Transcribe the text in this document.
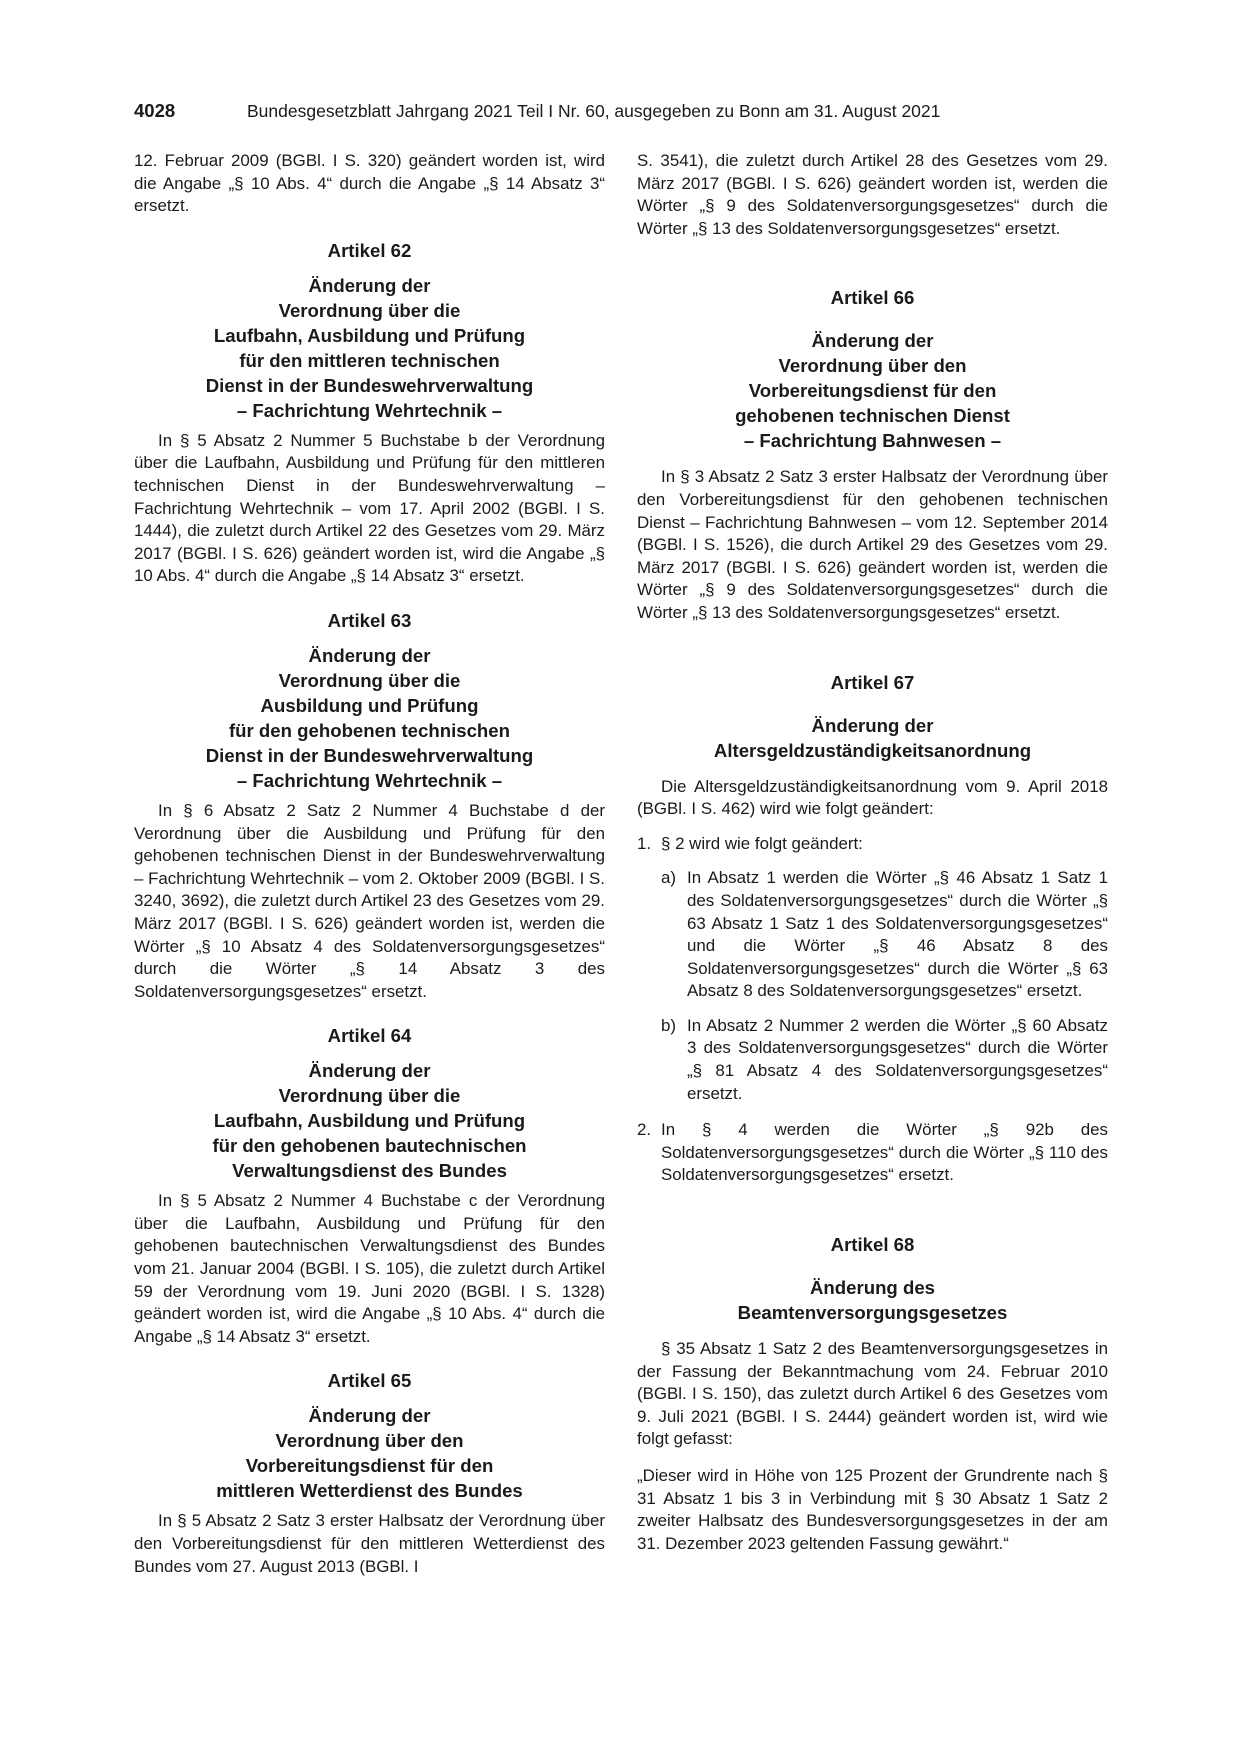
4028	Bundesgesetzblatt Jahrgang 2021 Teil I Nr. 60, ausgegeben zu Bonn am 31. August 2021

12. Februar 2009 (BGBl. I S. 320) geändert worden ist, wird die Angabe „§ 10 Abs. 4“ durch die Angabe „§ 14 Absatz 3“ ersetzt.

Artikel 62
Änderung der
Verordnung über die
Laufbahn, Ausbildung und Prüfung
für den mittleren technischen
Dienst in der Bundeswehrverwaltung
– Fachrichtung Wehrtechnik –

In § 5 Absatz 2 Nummer 5 Buchstabe b der Verordnung über die Laufbahn, Ausbildung und Prüfung für den mittleren technischen Dienst in der Bundeswehrverwaltung – Fachrichtung Wehrtechnik – vom 17. April 2002 (BGBl. I S. 1444), die zuletzt durch Artikel 22 des Gesetzes vom 29. März 2017 (BGBl. I S. 626) geändert worden ist, wird die Angabe „§ 10 Abs. 4“ durch die Angabe „§ 14 Absatz 3“ ersetzt.

Artikel 63
Änderung der
Verordnung über die
Ausbildung und Prüfung
für den gehobenen technischen
Dienst in der Bundeswehrverwaltung
– Fachrichtung Wehrtechnik –

In § 6 Absatz 2 Satz 2 Nummer 4 Buchstabe d der Verordnung über die Ausbildung und Prüfung für den gehobenen technischen Dienst in der Bundeswehrverwaltung – Fachrichtung Wehrtechnik – vom 2. Oktober 2009 (BGBl. I S. 3240, 3692), die zuletzt durch Artikel 23 des Gesetzes vom 29. März 2017 (BGBl. I S. 626) geändert worden ist, werden die Wörter „§ 10 Absatz 4 des Soldatenversorgungsgesetzes“ durch die Wörter „§ 14 Absatz 3 des Soldatenversorgungsgesetzes“ ersetzt.

Artikel 64
Änderung der
Verordnung über die
Laufbahn, Ausbildung und Prüfung
für den gehobenen bautechnischen
Verwaltungsdienst des Bundes

In § 5 Absatz 2 Nummer 4 Buchstabe c der Verordnung über die Laufbahn, Ausbildung und Prüfung für den gehobenen bautechnischen Verwaltungsdienst des Bundes vom 21. Januar 2004 (BGBl. I S. 105), die zuletzt durch Artikel 59 der Verordnung vom 19. Juni 2020 (BGBl. I S. 1328) geändert worden ist, wird die Angabe „§ 10 Abs. 4“ durch die Angabe „§ 14 Absatz 3“ ersetzt.

Artikel 65
Änderung der
Verordnung über den
Vorbereitungsdienst für den
mittleren Wetterdienst des Bundes

In § 5 Absatz 2 Satz 3 erster Halbsatz der Verordnung über den Vorbereitungsdienst für den mittleren Wetterdienst des Bundes vom 27. August 2013 (BGBl. I

S. 3541), die zuletzt durch Artikel 28 des Gesetzes vom 29. März 2017 (BGBl. I S. 626) geändert worden ist, werden die Wörter „§ 9 des Soldatenversorgungsgesetzes“ durch die Wörter „§ 13 des Soldatenversorgungsgesetzes“ ersetzt.

Artikel 66
Änderung der
Verordnung über den
Vorbereitungsdienst für den
gehobenen technischen Dienst
– Fachrichtung Bahnwesen –

In § 3 Absatz 2 Satz 3 erster Halbsatz der Verordnung über den Vorbereitungsdienst für den gehobenen technischen Dienst – Fachrichtung Bahnwesen – vom 12. September 2014 (BGBl. I S. 1526), die durch Artikel 29 des Gesetzes vom 29. März 2017 (BGBl. I S. 626) geändert worden ist, werden die Wörter „§ 9 des Soldatenversorgungsgesetzes“ durch die Wörter „§ 13 des Soldatenversorgungsgesetzes“ ersetzt.

Artikel 67
Änderung der
Altersgeldzuständigkeitsanordnung

Die Altersgeldzuständigkeitsanordnung vom 9. April 2018 (BGBl. I S. 462) wird wie folgt geändert:

1. § 2 wird wie folgt geändert:
a) In Absatz 1 werden die Wörter „§ 46 Absatz 1 Satz 1 des Soldatenversorgungsgesetzes“ durch die Wörter „§ 63 Absatz 1 Satz 1 des Soldatenversorgungsgesetzes“ und die Wörter „§ 46 Absatz 8 des Soldatenversorgungsgesetzes“ durch die Wörter „§ 63 Absatz 8 des Soldatenversorgungsgesetzes“ ersetzt.
b) In Absatz 2 Nummer 2 werden die Wörter „§ 60 Absatz 3 des Soldatenversorgungsgesetzes“ durch die Wörter „§ 81 Absatz 4 des Soldatenversorgungsgesetzes“ ersetzt.
2. In § 4 werden die Wörter „§ 92b des Soldatenversorgungsgesetzes“ durch die Wörter „§ 110 des Soldatenversorgungsgesetzes“ ersetzt.
Artikel 68
Änderung des
Beamtenversorgungsgesetzes

§ 35 Absatz 1 Satz 2 des Beamtenversorgungsgesetzes in der Fassung der Bekanntmachung vom 24. Februar 2010 (BGBl. I S. 150), das zuletzt durch Artikel 6 des Gesetzes vom 9. Juli 2021 (BGBl. I S. 2444) geändert worden ist, wird wie folgt gefasst:

„Dieser wird in Höhe von 125 Prozent der Grundrente nach § 31 Absatz 1 bis 3 in Verbindung mit § 30 Absatz 1 Satz 2 zweiter Halbsatz des Bundesversorgungsgesetzes in der am 31. Dezember 2023 geltenden Fassung gewährt.“
